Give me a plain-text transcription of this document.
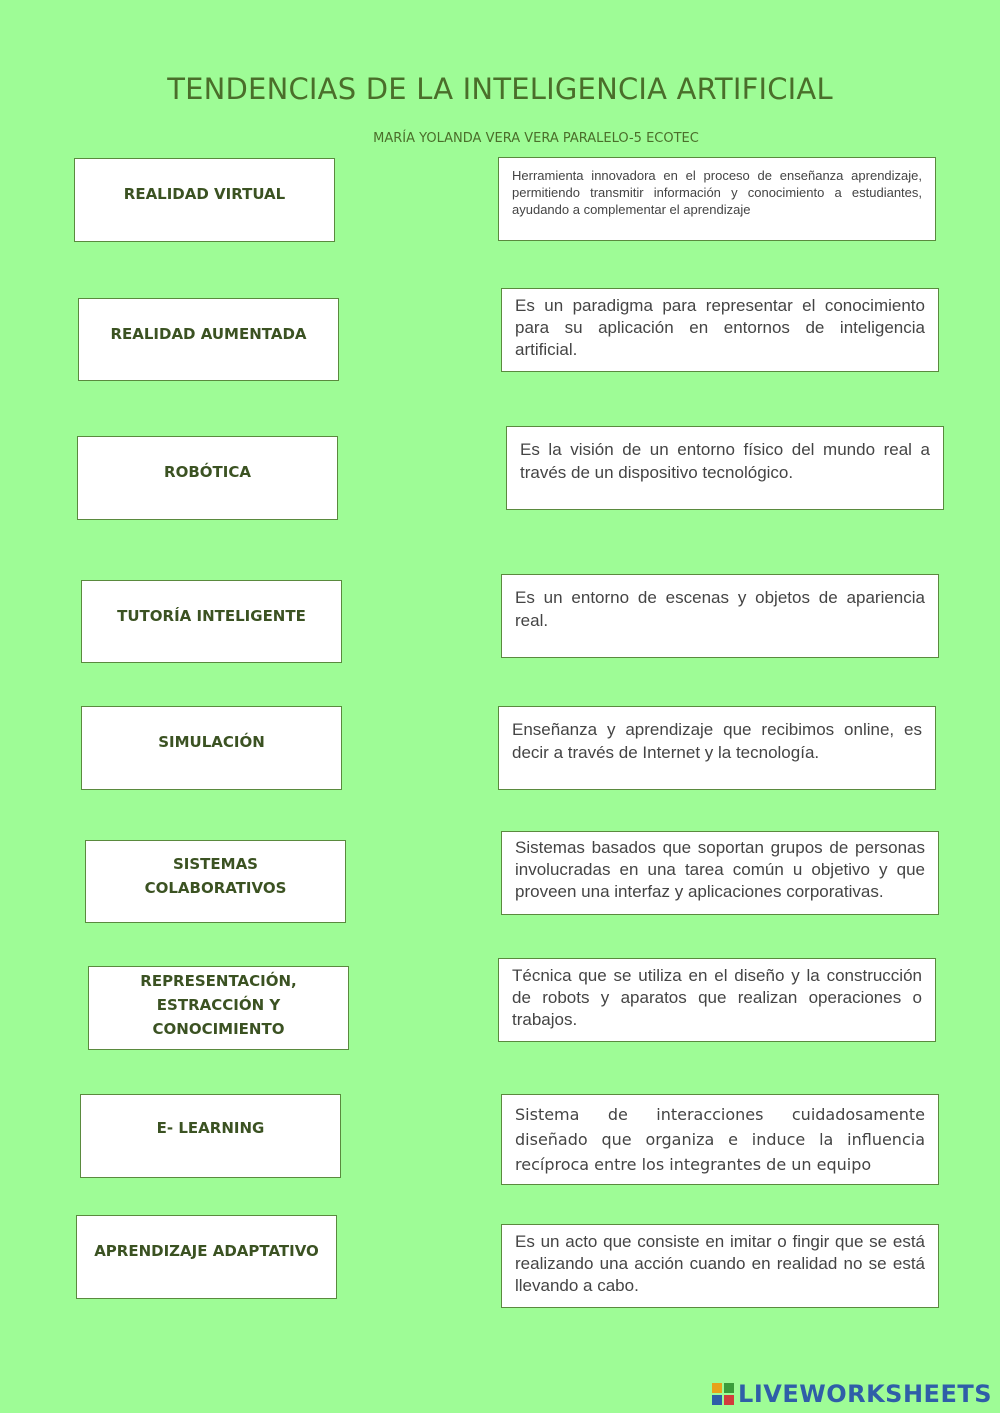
TENDENCIAS DE LA INTELIGENCIA ARTIFICIAL
MARÍA YOLANDA VERA VERA PARALELO-5 ECOTEC
REALIDAD VIRTUAL
REALIDAD AUMENTADA
ROBÓTICA
TUTORÍA INTELIGENTE
SIMULACIÓN
SISTEMAS COLABORATIVOS
REPRESENTACIÓN, ESTRACCIÓN Y CONOCIMIENTO
E- LEARNING
APRENDIZAJE ADAPTATIVO
Herramienta innovadora en el proceso de enseñanza aprendizaje, permitiendo transmitir información y conocimiento a estudiantes, ayudando a complementar el aprendizaje
Es un paradigma para representar el conocimiento para su aplicación en entornos de inteligencia artificial.
Es la visión de un entorno físico del mundo real a través de un dispositivo tecnológico.
Es un entorno de escenas y objetos de apariencia real.
Enseñanza y aprendizaje que recibimos online, es decir a través de Internet y la tecnología.
Sistemas basados que soportan grupos de personas involucradas en una tarea común u objetivo y que proveen una interfaz y aplicaciones corporativas.
Técnica que se utiliza en el diseño y la construcción de robots y aparatos que realizan operaciones o trabajos.
Sistema de interacciones cuidadosamente diseñado que organiza e induce la influencia recíproca entre los integrantes de un equipo
Es un acto que consiste en imitar o fingir que se está realizando una acción cuando en realidad no se está llevando a cabo.
LIVEWORKSHEETS
